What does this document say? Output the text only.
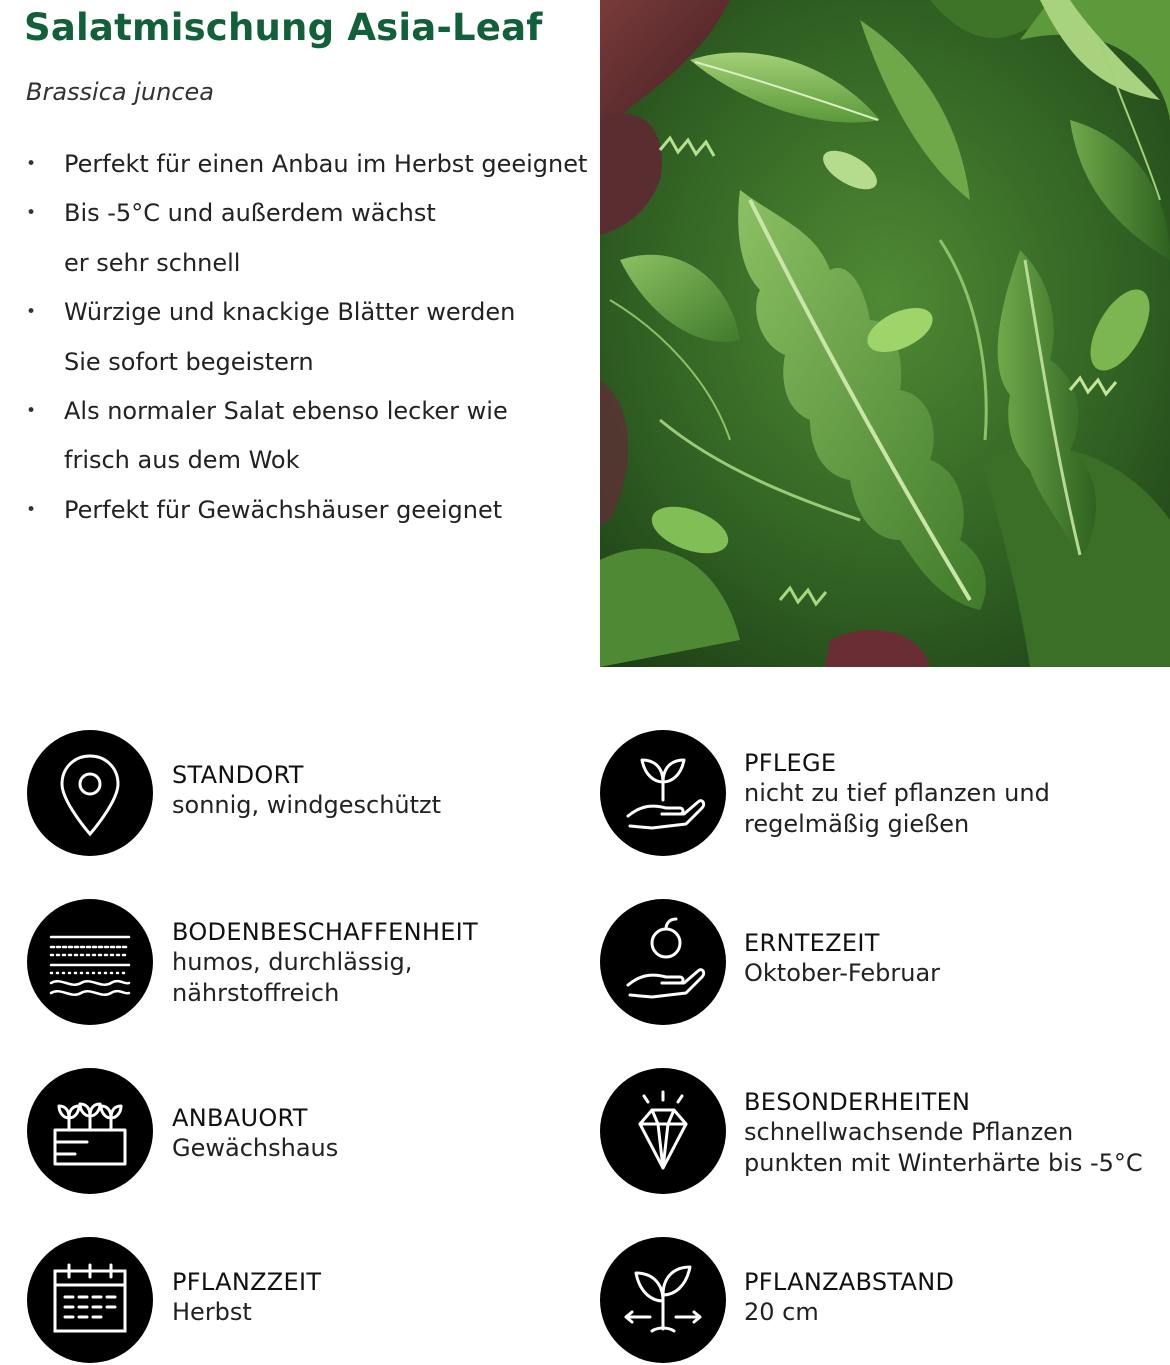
Salatmischung Asia-Leaf
Brassica juncea
• Perfekt für einen Anbau im Herbst geeignet
• Bis -5°C und außerdem wächst
er sehr schnell
• Würzige und knackige Blätter werden
Sie sofort begeistern
• Als normaler Salat ebenso lecker wie
frisch aus dem Wok
• Perfekt für Gewächshäuser geeignet
STANDORT
sonnig, windgeschützt
PFLEGE
nicht zu tief pflanzen und
regelmäßig gießen
BODENBESCHAFFENHEIT
humos, durchlässig,
nährstoffreich
ERNTEZEIT
Oktober-Februar
ANBAUORT
Gewächshaus
BESONDERHEITEN
schnellwachsende Pflanzen
punkten mit Winterhärte bis -5°C
PFLANZZEIT
Herbst
PFLANZABSTAND
20 cm
